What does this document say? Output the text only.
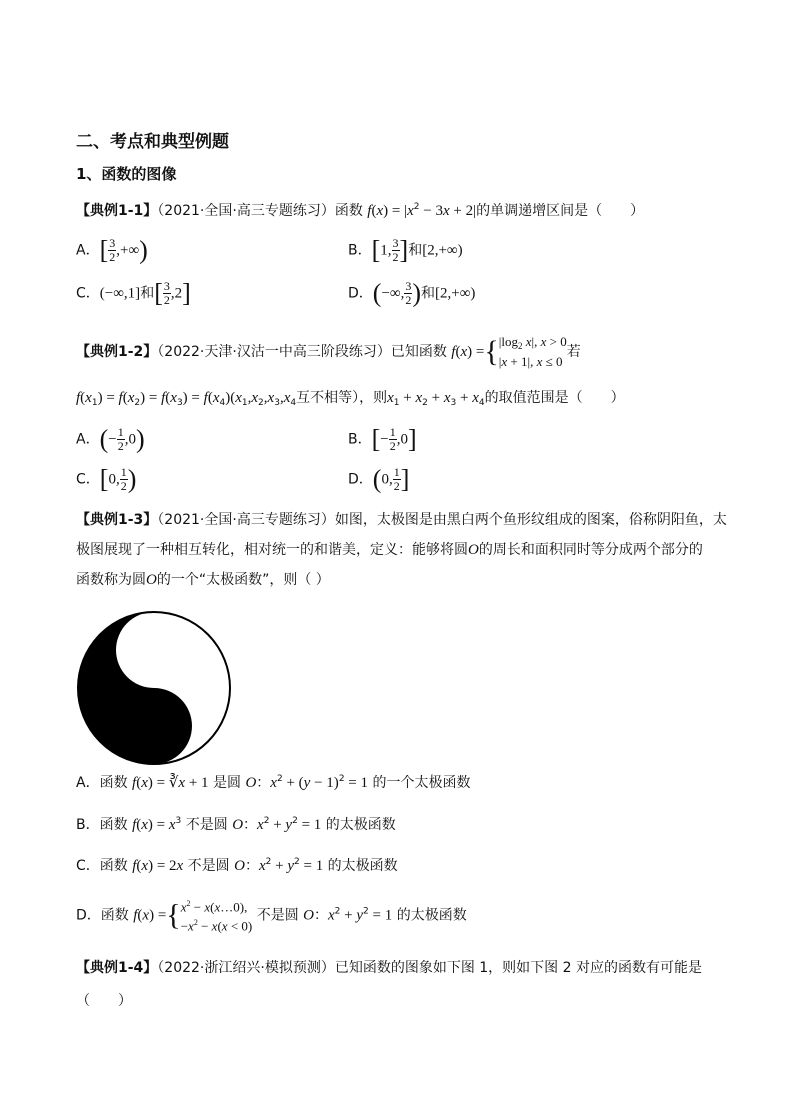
二、考点和典型例题
1、函数的图像
【典例1-1】（2021·全国·高三专题练习）函数 $f(x) = |x^2 - 3x + 2|$的单调递增区间是（　　）
A．[ $\frac{3}{2}$ ,+∞)	B．[1, $\frac{3}{2}$ ]和[2,+∞)
C．(−∞,1]和[ $\frac{3}{2} ,2$]	D．(−∞, $\frac{3}{2}$ )和[2,+∞)
【典例1-2】（2022·天津·汉沽一中高三阶段练习）已知函数 f(x) ={ $|\log_2$ x|, x > 0
|x + 1|, x ≤ 0
若
$f(x_1) = f(x_2) = f(x_3) = f(x_4)(x_1,x_2,x_3,x_4$互不相等），则$x_1 + x_2 + x_3 + x_4$的取值范围是（　　）
A．(− $\frac{1}{2} ,0$)	B．[− $\frac{1}{2} ,0$]
C．[0, $\frac{1}{2}$ )	D．(0, $\frac{1}{2}$ ]
【典例1-3】（2021·全国·高三专题练习）如图，太极图是由黑白两个鱼形纹组成的图案，俗称阴阳鱼，太
极图展现了一种相互转化，相对统一的和谐美，定义：能够将圆O的周长和面积同时等分成两个部分的
函数称为圆O的一个“太极函数”，则（ ）
A．函数 f(x) = ∛x + 1 是圆 O：$x^2 + (y - 1)^2 = 1$ 的一个太极函数
B．函数 $f(x) = x^3$ 不是圆 O：$x^2 + y^2 = 1$ 的太极函数
C．函数 f(x) = 2x 不是圆 O：$x^2 + y^2 = 1$ 的太极函数
D．函数 f(x) ={ $x^2$ − x(x…0),
$-x^2 - x(x < 0)$
不是圆 O：$x^2 + y^2 = 1$ 的太极函数
【典例1-4】（2022·浙江绍兴·模拟预测）已知函数的图象如下图 1，则如下图 2 对应的函数有可能是
（　　）
